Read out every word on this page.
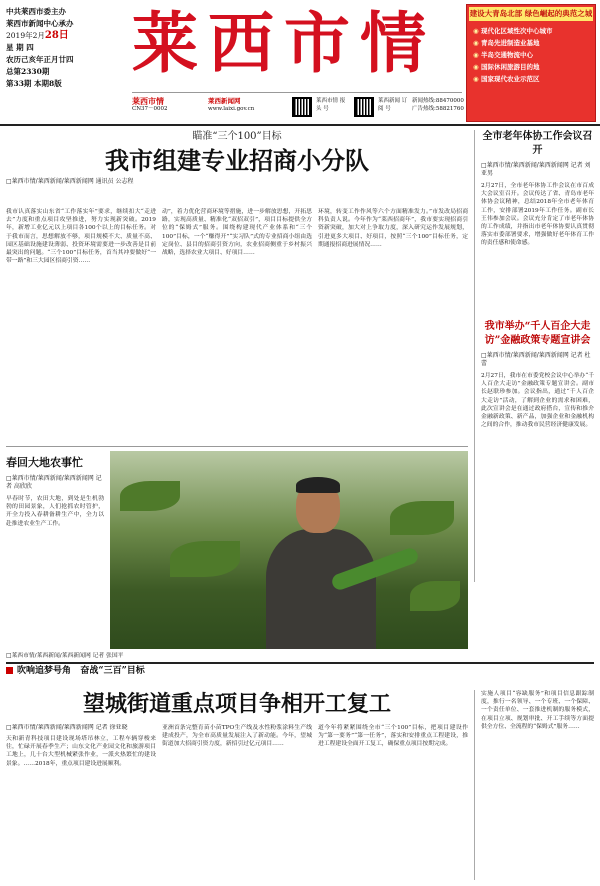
中共莱西市委主办
莱西市新闻中心承办
2019年2月28日
星 期 四
农历己亥年正月廿四
总第2330期
第33期 本期8版
莱西市情
莱西市情
CN37－0002
莱西新闻网
www.laixi.gov.cn
莱西市情 报 头 号
莱西新闻 订 阅 号
新闻热线:88470000
广告热线:58821760
建设大青岛北部 绿色崛起的典范之城
◉ 现代化区域性次中心城市
◉ 青岛先进制造业基地
◉ 半岛交通物流中心
◉ 国际休闲旅游目的地
◉ 国家现代农业示范区
瞄准“三个100”目标
我市组建专业招商小分队
□莱西市情/莱西新闻/莱西新闻网 通讯员 公志程
我市认真落实山东省“工作落实年”要求，继续扣大“走进去”力度和重点项目攻坚推进，努力实现新突破。2019年，新增工业亿元以上项目各100个以上的目标任务。对于我市而言，思想解放不够，项目规模不大、质量不高、园区基础设施建设薄弱、投资环境需要进一步改善是目前最突出的问题。“三个100”目标任务，首当其冲要做好“一带一路”和三大园区招商引资……
动”，着力优化营商环境等措施，进一步解放思想，开拓思路，实现高质量、精准化“双招双引”，项目目标提供全方位的“保姆式”服务。围绕构建现代产业体系和“三个100”目标，一个“赚得开”“实习队”式的专业招商小组由选定岗位、县目的招商引资方向，农业招商侧重于乡村振兴战略，选择农业大项目、好项目……
环境，转变工作作风等六个方面精准发力。”市发改局招商科负责人说。今年作为“莱西招商年”，我市要实现招商引资新突破，加大对上争取力度，深入研究运作发展规划，引进更多大项目、好项目，按照“三个100”目标任务，定期通报招商进展情况……
全市老年体协工作会议召开
□莱西市情/莱西新闻/莱西新闻网 记者 刘亚男
2月27日，全市老年体协工作会议在市百成大会议室召开。会议传达了省、青岛市老年体协会议精神，总结2018年全市老年体育工作，安排部署2019年工作任务。副市长王伟参加会议。会议充分肯定了市老年体协的工作成绩，并指出市老年体协要认真贯彻落实市委部署要求，增强做好老年体育工作的责任感和使命感。
我市举办“千人百企大走访”金融政策专题宣讲会
□莱西市情/莱西新闻/莱西新闻网 记者 杜蕾
2月27日，我市在市委党校会议中心举办“千人百企大走访”金融政策专题宣讲会。副市长赵联珍参加。会议指出，通过“千人百企大走访”活动，了解到企业的需求和困难，此次宣讲会是在通过政府搭台，宣传和推介金融新政策、新产品，加强企业和金融机构之间的合作，推动我市民营经济健康发展。
春回大地农事忙
□莱西市情/莱西新闻/莱西新闻网 记者 高欣欣
早春时节，农田大地，到处是生机勃勃的田园景象，人们抢抓农时管护，开全力投入春耕备耕生产中，全力以赴推进农业生产工作。
□莱西市情/莱西新闻/莱西新闻网 记者 张国平
吹响追梦号角 奋战“三百”目标
望城街道重点项目争相开工复工
□莱西市情/莱西新闻/莱西新闻网 记者 徐亚晓
天和新青科技项目建设现场塔吊林立，工程车辆穿梭来往，忙碌开展春季生产；山东文化产业园文化和旅游项目工地上，几十台大型机械紧张作业，一派火热繁忙的建设景象。……2018年，重点项目建设进展顺利。
亚洲首条完整育苗小苗TPO生产线及水性粉浆涂料生产线建成投产，为全市高质量发展注入了新动能。今年，望城街道加大招商引资力度，新招引过亿元项目……
道今年将紧紧围绕全市“三个100”目标，把项目建设作为“第一要务”“第一任务”，落实和安排重点工程建设，推进工程建设全面开工复工，确保重点项目按期完成。
实施人项目“容缺服务”和项目信息跟踪制度，推行一名领导、一个专班、一个保障、一个责任单位、一套推进机制的服务模式，在项目立项、规划审批、开工手续等方面提供全方位、全流程的“保姆式”服务……
